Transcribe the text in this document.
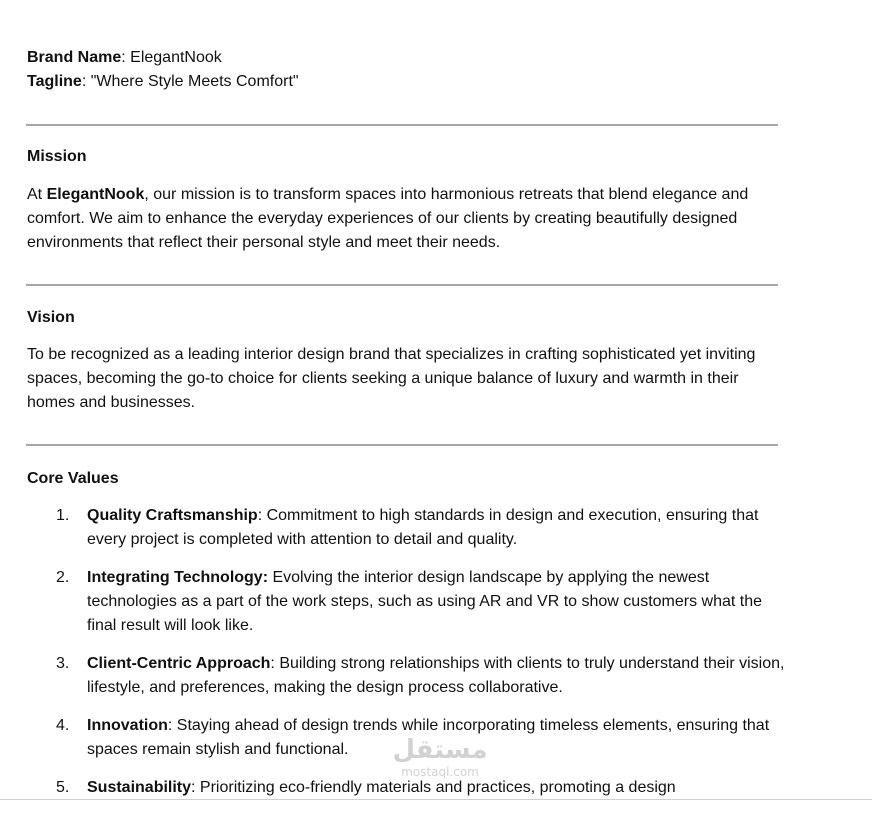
Brand Name: ElegantNook

Tagline: "Where Style Meets Comfort"

Mission

At ElegantNook, our mission is to transform spaces into harmonious retreats that blend elegance and comfort. We aim to enhance the everyday experiences of our clients by creating beautifully designed environments that reflect their personal style and meet their needs.

Vision

To be recognized as a leading interior design brand that specializes in crafting sophisticated yet inviting spaces, becoming the go-to choice for clients seeking a unique balance of luxury and warmth in their homes and businesses.

Core Values
1. Quality Craftsmanship: Commitment to high standards in design and execution, ensuring that every project is completed with attention to detail and quality.
2. Integrating Technology: Evolving the interior design landscape by applying the newest technologies as a part of the work steps, such as using AR and VR to show customers what the final result will look like.
3. Client-Centric Approach: Building strong relationships with clients to truly understand their vision, lifestyle, and preferences, making the design process collaborative.
4. Innovation: Staying ahead of design trends while incorporating timeless elements, ensuring that spaces remain stylish and functional.
5. Sustainability: Prioritizing eco-friendly materials and practices, promoting a design
مستقل
mostaql.com
